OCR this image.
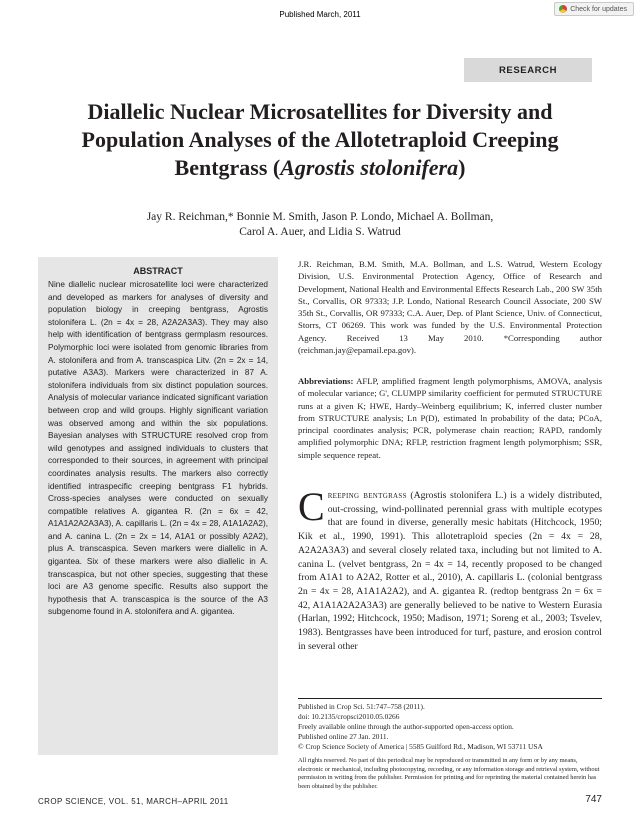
Published March, 2011
Check for updates
RESEARCH
Diallelic Nuclear Microsatellites for Diversity and Population Analyses of the Allotetraploid Creeping Bentgrass (Agrostis stolonifera)
Jay R. Reichman,* Bonnie M. Smith, Jason P. Londo, Michael A. Bollman,
Carol A. Auer, and Lidia S. Watrud
ABSTRACT
Nine diallelic nuclear microsatellite loci were characterized and developed as markers for analyses of diversity and population biology in creeping bentgrass, Agrostis stolonifera L. (2n = 4x = 28, A2A2A3A3). They may also help with identification of bentgrass germplasm resources. Polymorphic loci were isolated from genomic libraries from A. stolonifera and from A. transcaspica Litv. (2n = 2x = 14, putative A3A3). Markers were characterized in 87 A. stolonifera individuals from six distinct population sources. Analysis of molecular variance indicated significant variation between crop and wild groups. Highly significant variation was observed among and within the six populations. Bayesian analyses with STRUCTURE resolved crop from wild genotypes and assigned individuals to clusters that corresponded to their sources, in agreement with principal coordinates analysis results. The markers also correctly identified intraspecific creeping bentgrass F1 hybrids. Cross-species analyses were conducted on sexually compatible relatives A. gigantea R. (2n = 6x = 42, A1A1A2A2A3A3), A. capillaris L. (2n = 4x = 28, A1A1A2A2), and A. canina L. (2n = 2x = 14, A1A1 or possibly A2A2), plus A. transcaspica. Seven markers were diallelic in A. gigantea. Six of these markers were also diallelic in A. transcaspica, but not other species, suggesting that these loci are A3 genome specific. Results also support the hypothesis that A. transcaspica is the source of the A3 subgenome found in A. stolonifera and A. gigantea.
J.R. Reichman, B.M. Smith, M.A. Bollman, and L.S. Watrud, Western Ecology Division, U.S. Environmental Protection Agency, Office of Research and Development, National Health and Environmental Effects Research Lab., 200 SW 35th St., Corvallis, OR 97333; J.P. Londo, National Research Council Associate, 200 SW 35th St., Corvallis, OR 97333; C.A. Auer, Dep. of Plant Science, Univ. of Connecticut, Storrs, CT 06269. This work was funded by the U.S. Environmental Protection Agency. Received 13 May 2010. *Corresponding author (reichman.jay@epamail.epa.gov).
Abbreviations: AFLP, amplified fragment length polymorphisms, AMOVA, analysis of molecular variance; G', CLUMPP similarity coefficient for permuted STRUCTURE runs at a given K; HWE, Hardy–Weinberg equilibrium; K, inferred cluster number from STRUCTURE analysis; Ln P(D), estimated ln probability of the data; PCoA, principal coordinates analysis; PCR, polymerase chain reaction; RAPD, randomly amplified polymorphic DNA; RFLP, restriction fragment length polymorphism; SSR, simple sequence repeat.
Creeping bentgrass (Agrostis stolonifera L.) is a widely distributed, out-crossing, wind-pollinated perennial grass with multiple ecotypes that are found in diverse, generally mesic habitats (Hitchcock, 1950; Kik et al., 1990, 1991). This allotetraploid species (2n = 4x = 28, A2A2A3A3) and several closely related taxa, including but not limited to A. canina L. (velvet bentgrass, 2n = 4x = 14, recently proposed to be changed from A1A1 to A2A2, Rotter et al., 2010), A. capillaris L. (colonial bentgrass 2n = 4x = 28, A1A1A2A2), and A. gigantea R. (redtop bentgrass 2n = 6x = 42, A1A1A2A2A3A3) are generally believed to be native to Western Eurasia (Harlan, 1992; Hitchcock, 1950; Madison, 1971; Soreng et al., 2003; Tsvelev, 1983). Bentgrasses have been introduced for turf, pasture, and erosion control in several other
Published in Crop Sci. 51:747–758 (2011).
doi: 10.2135/cropsci2010.05.0266
Freely available online through the author-supported open-access option.
Published online 27 Jan. 2011.
© Crop Science Society of America | 5585 Guilford Rd., Madison, WI 53711 USA
All rights reserved. No part of this periodical may be reproduced or transmitted in any form or by any means, electronic or mechanical, including photocopying, recording, or any information storage and retrieval system, without permission in writing from the publisher. Permission for printing and for reprinting the material contained herein has been obtained by the publisher.
CROP SCIENCE, VOL. 51, MARCH–APRIL 2011	747
